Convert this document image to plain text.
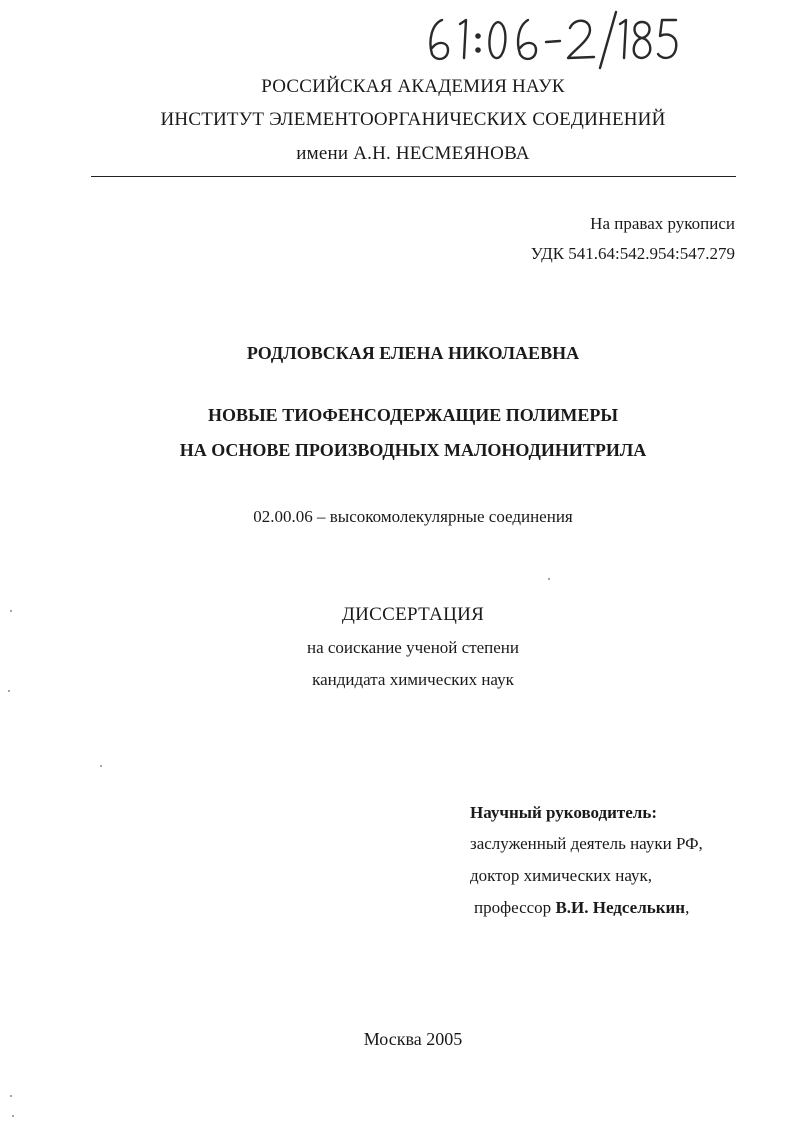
РОССИЙСКАЯ АКАДЕМИЯ НАУК
ИНСТИТУТ ЭЛЕМЕНТООРГАНИЧЕСКИХ СОЕДИНЕНИЙ
имени А.Н. НЕСМЕЯНОВА
На правах рукописи
УДК 541.64:542.954:547.279
РОДЛОВСКАЯ ЕЛЕНА НИКОЛАЕВНА
НОВЫЕ ТИОФЕНСОДЕРЖАЩИЕ ПОЛИМЕРЫ
НА ОСНОВЕ ПРОИЗВОДНЫХ МАЛОНОДИНИТРИЛА
02.00.06 – высокомолекулярные соединения
ДИССЕРТАЦИЯ
на соискание ученой степени
кандидата химических наук
Научный руководитель:
заслуженный деятель науки РФ,
доктор химических наук,
профессор В.И. Недселькин,
Москва 2005
